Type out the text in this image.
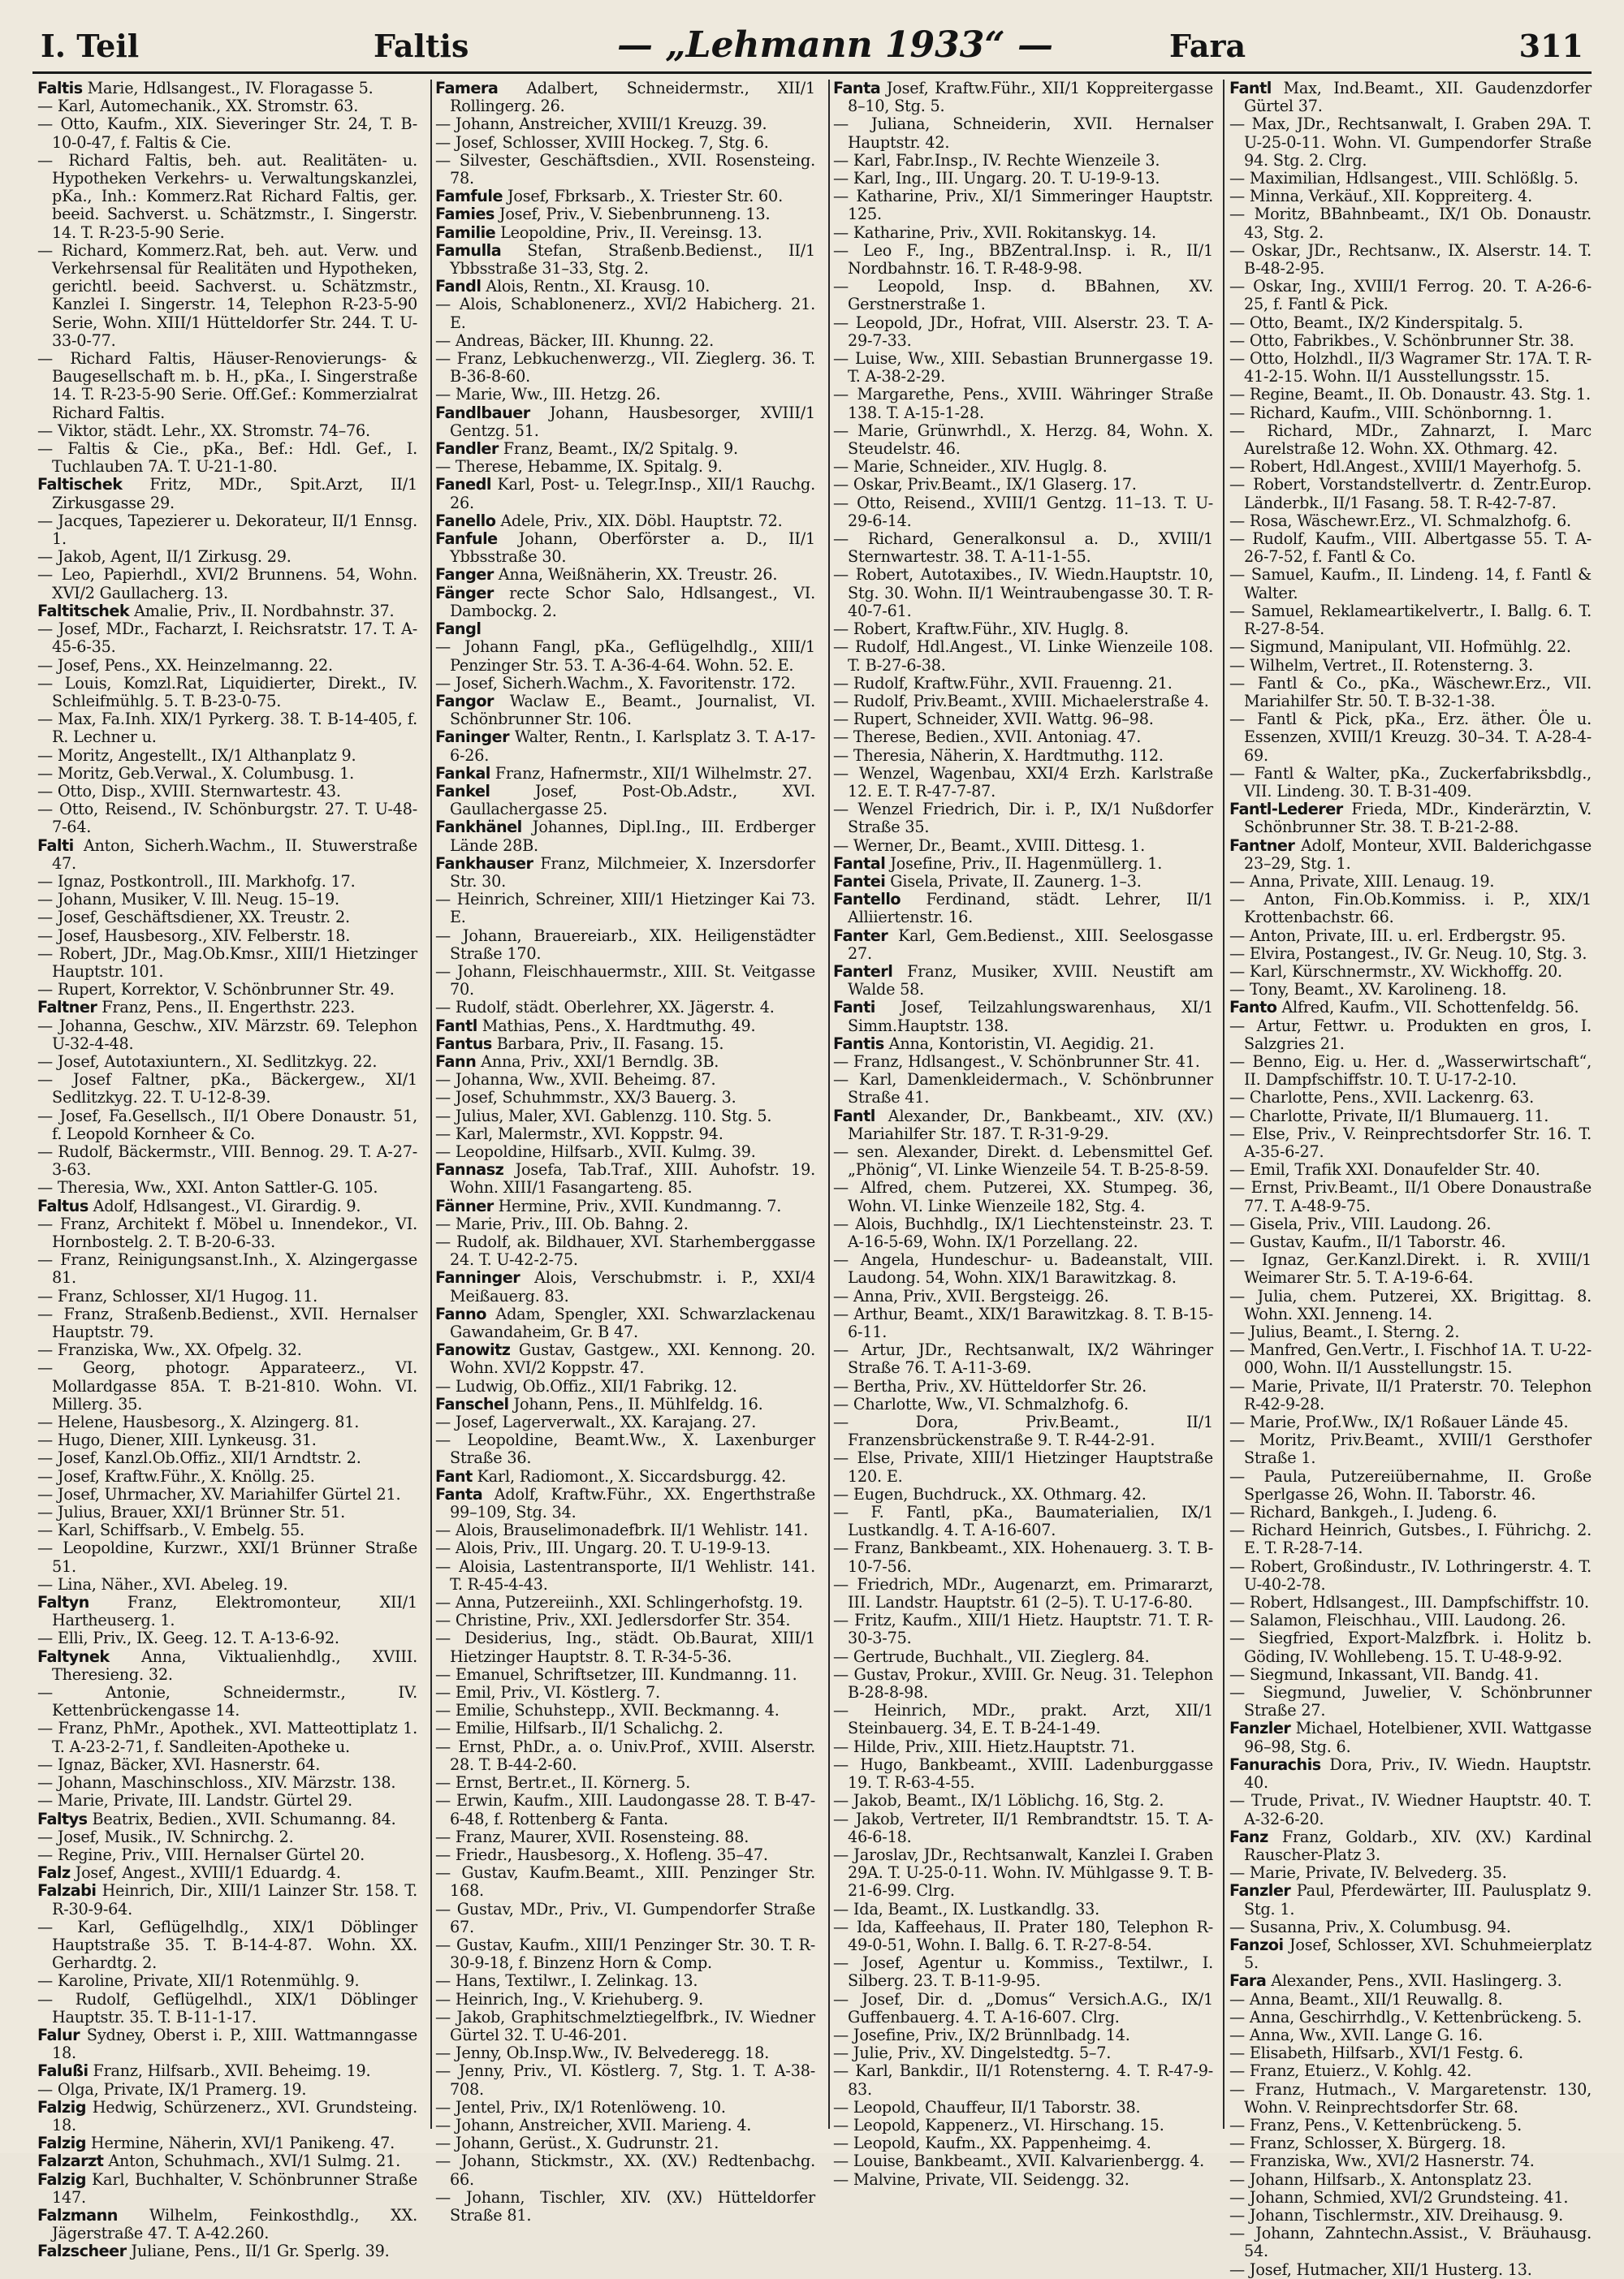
I. Teil	Faltis	— „Lehmann 1933“ —	Fara	311

Faltis Marie, Hdlsangest., IV. Floragasse 5.

— Karl, Automechanik., XX. Stromstr. 63.

— Otto, Kaufm., XIX. Sieveringer Str. 24, T. B-10-0-47, f. Faltis & Cie.

— Richard Faltis, beh. aut. Realitäten- u. Hypotheken Verkehrs- u. Verwaltungskanzlei, pKa., Inh.: Kommerz.Rat Richard Faltis, ger. beeid. Sachverst. u. Schätzmstr., I. Singerstr. 14. T. R-23-5-90 Serie.

— Richard, Kommerz.Rat, beh. aut. Verw. und Verkehrsensal für Realitäten und Hypotheken, gerichtl. beeid. Sachverst. u. Schätzmstr., Kanzlei I. Singerstr. 14, Telephon R-23-5-90 Serie, Wohn. XIII/1 Hütteldorfer Str. 244. T. U-33-0-77.

— Richard Faltis, Häuser-Renovierungs- & Baugesellschaft m. b. H., pKa., I. Singerstraße 14. T. R-23-5-90 Serie. Off.Gef.: Kommerzialrat Richard Faltis.

— Viktor, städt. Lehr., XX. Stromstr. 74–76.

— Faltis & Cie., pKa., Bef.: Hdl. Gef., I. Tuchlauben 7A. T. U-21-1-80.

Faltischek Fritz, MDr., Spit.Arzt, II/1 Zirkusgasse 29.

— Jacques, Tapezierer u. Dekorateur, II/1 Ennsg. 1.

— Jakob, Agent, II/1 Zirkusg. 29.

— Leo, Papierhdl., XVI/2 Brunnens. 54, Wohn. XVI/2 Gaullacherg. 13.

Faltitschek Amalie, Priv., II. Nordbahnstr. 37.

— Josef, MDr., Facharzt, I. Reichsratstr. 17. T. A-45-6-35.

— Josef, Pens., XX. Heinzelmanng. 22.

— Louis, Komzl.Rat, Liquidierter, Direkt., IV. Schleifmühlg. 5. T. B-23-0-75.

— Max, Fa.Inh. XIX/1 Pyrkerg. 38. T. B-14-405, f. R. Lechner u.

— Moritz, Angestellt., IX/1 Althanplatz 9.

— Moritz, Geb.Verwal., X. Columbusg. 1.

— Otto, Disp., XVIII. Sternwartestr. 43.

— Otto, Reisend., IV. Schönburgstr. 27. T. U-48-7-64.

Falti Anton, Sicherh.Wachm., II. Stuwerstraße 47.

— Ignaz, Postkontroll., III. Markhofg. 17.

— Johann, Musiker, V. Ill. Neug. 15–19.

— Josef, Geschäftsdiener, XX. Treustr. 2.

— Josef, Hausbesorg., XIV. Felberstr. 18.

— Robert, JDr., Mag.Ob.Kmsr., XIII/1 Hietzinger Hauptstr. 101.

— Rupert, Korrektor, V. Schönbrunner Str. 49.

Faltner Franz, Pens., II. Engerthstr. 223.

— Johanna, Geschw., XIV. Märzstr. 69. Telephon U-32-4-48.

— Josef, Autotaxiuntern., XI. Sedlitzkyg. 22.

— Josef Faltner, pKa., Bäckergew., XI/1 Sedlitzkyg. 22. T. U-12-8-39.

— Josef, Fa.Gesellsch., II/1 Obere Donaustr. 51, f. Leopold Kornheer & Co.

— Rudolf, Bäckermstr., VIII. Bennog. 29. T. A-27-3-63.

— Theresia, Ww., XXI. Anton Sattler-G. 105.

Faltus Adolf, Hdlsangest., VI. Girardig. 9.

— Franz, Architekt f. Möbel u. Innendekor., VI. Hornbostelg. 2. T. B-20-6-33.

— Franz, Reinigungsanst.Inh., X. Alzingergasse 81.

— Franz, Schlosser, XI/1 Hugog. 11.

— Franz, Straßenb.Bedienst., XVII. Hernalser Hauptstr. 79.

— Franziska, Ww., XX. Ofpelg. 32.

— Georg, photogr. Apparateerz., VI. Mollardgasse 85A. T. B-21-810. Wohn. VI. Millerg. 35.

— Helene, Hausbesorg., X. Alzingerg. 81.

— Hugo, Diener, XIII. Lynkeusg. 31.

— Josef, Kanzl.Ob.Offiz., XII/1 Arndtstr. 2.

— Josef, Kraftw.Führ., X. Knöllg. 25.

— Josef, Uhrmacher, XV. Mariahilfer Gürtel 21.

— Julius, Brauer, XXI/1 Brünner Str. 51.

— Karl, Schiffsarb., V. Embelg. 55.

— Leopoldine, Kurzwr., XXI/1 Brünner Straße 51.

— Lina, Näher., XVI. Abeleg. 19.

Faltyn Franz, Elektromonteur, XII/1 Hartheuserg. 1.

— Elli, Priv., IX. Geeg. 12. T. A-13-6-92.

Faltynek Anna, Viktualienhdlg., XVIII. Theresieng. 32.

— Antonie, Schneidermstr., IV. Kettenbrückengasse 14.

— Franz, PhMr., Apothek., XVI. Matteottiplatz 1. T. A-23-2-71, f. Sandleiten-Apotheke u.

— Ignaz, Bäcker, XVI. Hasnerstr. 64.

— Johann, Maschinschloss., XIV. Märzstr. 138.

— Marie, Private, III. Landstr. Gürtel 29.

Faltys Beatrix, Bedien., XVII. Schumanng. 84.

— Josef, Musik., IV. Schnirchg. 2.

— Regine, Priv., VIII. Hernalser Gürtel 20.

Falz Josef, Angest., XVIII/1 Eduardg. 4.

Falzabi Heinrich, Dir., XIII/1 Lainzer Str. 158. T. R-30-9-64.

— Karl, Geflügelhdlg., XIX/1 Döblinger Hauptstraße 35. T. B-14-4-87. Wohn. XX. Gerhardtg. 2.

— Karoline, Private, XII/1 Rotenmühlg. 9.

— Rudolf, Geflügelhdl., XIX/1 Döblinger Hauptstr. 35. T. B-11-1-17.

Falur Sydney, Oberst i. P., XIII. Wattmanngasse 18.

Falußi Franz, Hilfsarb., XVII. Beheimg. 19.

— Olga, Private, IX/1 Pramerg. 19.

Falzig Hedwig, Schürzenerz., XVI. Grundsteing. 18.

Falzig Hermine, Näherin, XVI/1 Panikeng. 47.

Falzarzt Anton, Schuhmach., XVI/1 Sulmg. 21.

Falzig Karl, Buchhalter, V. Schönbrunner Straße 147.

Falzmann Wilhelm, Feinkosthdlg., XX. Jägerstraße 47. T. A-42.260.

Falzscheer Juliane, Pens., II/1 Gr. Sperlg. 39.

Famera Adalbert, Schneidermstr., XII/1 Rollingerg. 26.

— Johann, Anstreicher, XVIII/1 Kreuzg. 39.

— Josef, Schlosser, XVIII Hockeg. 7, Stg. 6.

— Silvester, Geschäftsdien., XVII. Rosensteing. 78.

Famfule Josef, Fbrksarb., X. Triester Str. 60.

Famies Josef, Priv., V. Siebenbrunneng. 13.

Familie Leopoldine, Priv., II. Vereinsg. 13.

Famulla Stefan, Straßenb.Bedienst., II/1 Ybbsstraße 31–33, Stg. 2.

Fandl Alois, Rentn., XI. Krausg. 10.

— Alois, Schablonenerz., XVI/2 Habicherg. 21. E.

— Andreas, Bäcker, III. Khunng. 22.

— Franz, Lebkuchenwerzg., VII. Zieglerg. 36. T. B-36-8-60.

— Marie, Ww., III. Hetzg. 26.

Fandlbauer Johann, Hausbesorger, XVIII/1 Gentzg. 51.

Fandler Franz, Beamt., IX/2 Spitalg. 9.

— Therese, Hebamme, IX. Spitalg. 9.

Fanedl Karl, Post- u. Telegr.Insp., XII/1 Rauchg. 26.

Fanello Adele, Priv., XIX. Döbl. Hauptstr. 72.

Fanfule Johann, Oberförster a. D., II/1 Ybbsstraße 30.

Fanger Anna, Weißnäherin, XX. Treustr. 26.

Fänger recte Schor Salo, Hdlsangest., VI. Dambockg. 2.

Fangl

— Johann Fangl, pKa., Geflügelhdlg., XIII/1 Penzinger Str. 53. T. A-36-4-64. Wohn. 52. E.

— Josef, Sicherh.Wachm., X. Favoritenstr. 172.

Fangor Waclaw E., Beamt., Journalist, VI. Schönbrunner Str. 106.

Faninger Walter, Rentn., I. Karlsplatz 3. T. A-17-6-26.

Fankal Franz, Hafnermstr., XII/1 Wilhelmstr. 27.

Fankel	Josef, Post-Ob.Adstr., XVI. Gaullachergasse 25.

Fankhänel Johannes, Dipl.Ing., III. Erdberger Lände 28B.

Fankhauser Franz, Milchmeier, X. Inzersdorfer Str. 30.

— Heinrich, Schreiner, XIII/1 Hietzinger Kai 73. E.

— Johann, Brauereiarb., XIX. Heiligenstädter Straße 170.

— Johann, Fleischhauermstr., XIII. St. Veitgasse 70.

— Rudolf, städt. Oberlehrer, XX. Jägerstr. 4.

Fantl Mathias, Pens., X. Hardtmuthg. 49.

Fantus Barbara, Priv., II. Fasang. 15.

Fann Anna, Priv., XXI/1 Berndlg. 3B.

— Johanna, Ww., XVII. Beheimg. 87.

— Josef, Schuhmmstr., XX/3 Bauerg. 3.

— Julius, Maler, XVI. Gablenzg. 110. Stg. 5.

— Karl, Malermstr., XVI. Koppstr. 94.

— Leopoldine, Hilfsarb., XVII. Kulmg. 39.

Fannasz Josefa, Tab.Traf., XIII. Auhofstr. 19. Wohn. XIII/1 Fasangarteng. 85.

Fänner Hermine, Priv., XVII. Kundmanng. 7.

— Marie, Priv., III. Ob. Bahng. 2.

— Rudolf, ak. Bildhauer, XVI. Starhemberggasse 24. T. U-42-2-75.

Fanninger Alois, Verschubmstr. i. P., XXI/4 Meißauerg. 83.

Fanno Adam, Spengler, XXI. Schwarzlackenau Gawandaheim, Gr. B 47.

Fanowitz Gustav, Gastgew., XXI. Kennong. 20. Wohn. XVI/2 Koppstr. 47.

— Ludwig, Ob.Offiz., XII/1 Fabrikg. 12.

Fanschel Johann, Pens., II. Mühlfeldg. 16.

— Josef, Lagerverwalt., XX. Karajang. 27.

— Leopoldine, Beamt.Ww., X. Laxenburger Straße 36.

Fant Karl, Radiomont., X. Siccardsburgg. 42.

Fanta Adolf, Kraftw.Führ., XX. Engerthstraße 99–109, Stg. 34.

— Alois, Brauselimonadefbrk. II/1 Wehlistr. 141.

— Alois, Priv., III. Ungarg. 20. T. U-19-9-13.

— Aloisia, Lastentransporte, II/1 Wehlistr. 141. T. R-45-4-43.

— Anna, Putzereiinh., XXI. Schlingerhofstg. 19.

— Christine, Priv., XXI. Jedlersdorfer Str. 354.

— Desiderius, Ing., städt. Ob.Baurat, XIII/1 Hietzinger Hauptstr. 8. T. R-34-5-36.

— Emanuel, Schriftsetzer, III. Kundmanng. 11.

— Emil, Priv., VI. Köstlerg. 7.

— Emilie, Schuhstepp., XVII. Beckmanng. 4.

— Emilie, Hilfsarb., II/1 Schalichg. 2.

— Ernst, PhDr., a. o. Univ.Prof., XVIII. Alserstr. 28. T. B-44-2-60.

— Ernst, Bertr.et., II. Körnerg. 5.

— Erwin, Kaufm., XIII. Laudongasse 28. T. B-47-6-48, f. Rottenberg & Fanta.

— Franz, Maurer, XVII. Rosensteing. 88.

— Friedr., Hausbesorg., X. Hofleng. 35–47.

— Gustav, Kaufm.Beamt., XIII. Penzinger Str. 168.

— Gustav, MDr., Priv., VI. Gumpendorfer Straße 67.

— Gustav, Kaufm., XIII/1 Penzinger Str. 30. T. R-30-9-18, f. Binzenz Horn & Comp.

— Hans, Textilwr., I. Zelinkag. 13.

— Heinrich, Ing., V. Kriehuberg. 9.

— Jakob, Graphitschmelztiegelfbrk., IV. Wiedner Gürtel 32. T. U-46-201.

— Jenny, Ob.Insp.Ww., IV. Belvederegg. 18.

— Jenny, Priv., VI. Köstlerg. 7, Stg. 1. T. A-38-708.

— Jentel, Priv., IX/1 Rotenlöweng. 10.

— Johann, Anstreicher, XVII. Marieng. 4.

— Johann, Gerüst., X. Gudrunstr. 21.

— Johann, Stickmstr., XX. (XV.) Redtenbachg. 66.

— Johann, Tischler, XIV. (XV.) Hütteldorfer Straße 81.

Fanta Josef, Kraftw.Führ., XII/1 Koppreitergasse 8–10, Stg. 5.

— Juliana, Schneiderin, XVII. Hernalser Hauptstr. 42.

— Karl, Fabr.Insp., IV. Rechte Wienzeile 3.

— Karl, Ing., III. Ungarg. 20. T. U-19-9-13.

— Katharine, Priv., XI/1 Simmeringer Hauptstr. 125.

— Katharine, Priv., XVII. Rokitanskyg. 14.

— Leo F., Ing., BBZentral.Insp. i. R., II/1 Nordbahnstr. 16. T. R-48-9-98.

— Leopold, Insp. d. BBahnen, XV. Gerstnerstraße 1.

— Leopold, JDr., Hofrat, VIII. Alserstr. 23. T. A-29-7-33.

— Luise, Ww., XIII. Sebastian Brunnergasse 19. T. A-38-2-29.

— Margarethe, Pens., XVIII. Währinger Straße 138. T. A-15-1-28.

— Marie, Grünwrhdl., X. Herzg. 84, Wohn. X. Steudelstr. 46.

— Marie, Schneider., XIV. Huglg. 8.

— Oskar, Priv.Beamt., IX/1 Glaserg. 17.

— Otto, Reisend., XVIII/1 Gentzg. 11–13. T. U-29-6-14.

— Richard, Generalkonsul a. D., XVIII/1 Sternwartestr. 38. T. A-11-1-55.

— Robert, Autotaxibes., IV. Wiedn.Hauptstr. 10, Stg. 30. Wohn. II/1 Weintraubengasse 30. T. R-40-7-61.

— Robert, Kraftw.Führ., XIV. Huglg. 8.

— Rudolf, Hdl.Angest., VI. Linke Wienzeile 108. T. B-27-6-38.

— Rudolf, Kraftw.Führ., XVII. Frauenng. 21.

— Rudolf, Priv.Beamt., XVIII. Michaelerstraße 4.

— Rupert, Schneider, XVII. Wattg. 96–98.

— Therese, Bedien., XVII. Antoniag. 47.

— Theresia, Näherin, X. Hardtmuthg. 112.

— Wenzel, Wagenbau, XXI/4 Erzh. Karlstraße 12. E. T. R-47-7-87.

— Wenzel Friedrich, Dir. i. P., IX/1 Nußdorfer Straße 35.

— Werner, Dr., Beamt., XVIII. Dittesg. 1.

Fantal Josefine, Priv., II. Hagenmüllerg. 1.

Fantei Gisela, Private, II. Zaunerg. 1–3.

Fantello Ferdinand, städt. Lehrer, II/1 Alliiertenstr. 16.

Fanter Karl, Gem.Bedienst., XIII. Seelosgasse 27.

Fanterl Franz, Musiker, XVIII. Neustift am Walde 58.

Fanti Josef, Teilzahlungswarenhaus, XI/1 Simm.Hauptstr. 138.

Fantis Anna, Kontoristin, VI. Aegidig. 21.

— Franz, Hdlsangest., V. Schönbrunner Str. 41.

— Karl, Damenkleidermach., V. Schönbrunner Straße 41.

Fantl Alexander, Dr., Bankbeamt., XIV. (XV.) Mariahilfer Str. 187. T. R-31-9-29.

— sen. Alexander, Direkt. d. Lebensmittel Gef. „Phönig“, VI. Linke Wienzeile 54. T. B-25-8-59.

— Alfred, chem. Putzerei, XX. Stumpeg. 36, Wohn. VI. Linke Wienzeile 182, Stg. 4.

— Alois, Buchhdlg., IX/1 Liechtensteinstr. 23. T. A-16-5-69, Wohn. IX/1 Porzellang. 22.

— Angela, Hundeschur- u. Badeanstalt, VIII. Laudong. 54, Wohn. XIX/1 Barawitzkag. 8.

— Anna, Priv., XVII. Bergsteigg. 26.

— Arthur, Beamt., XIX/1 Barawitzkag. 8. T. B-15-6-11.

— Artur, JDr., Rechtsanwalt, IX/2 Währinger Straße 76. T. A-11-3-69.

— Bertha, Priv., XV. Hütteldorfer Str. 26.

— Charlotte, Ww., VI. Schmalzhofg. 6.

— Dora, Priv.Beamt., II/1 Franzensbrückenstraße 9. T. R-44-2-91.

— Else, Private, XIII/1 Hietzinger Hauptstraße 120. E.

— Eugen, Buchdruck., XX. Othmarg. 42.

— F. Fantl, pKa., Baumaterialien, IX/1 Lustkandlg. 4. T. A-16-607.

— Franz, Bankbeamt., XIX. Hohenauerg. 3. T. B-10-7-56.

— Friedrich, MDr., Augenarzt, em. Primararzt, III. Landstr. Hauptstr. 61 (2–5). T. U-17-6-80.

— Fritz, Kaufm., XIII/1 Hietz. Hauptstr. 71. T. R-30-3-75.

— Gertrude, Buchhalt., VII. Zieglerg. 84.

— Gustav, Prokur., XVIII. Gr. Neug. 31. Telephon B-28-8-98.

— Heinrich, MDr., prakt. Arzt, XII/1 Steinbauerg. 34, E. T. B-24-1-49.

— Hilde, Priv., XIII. Hietz.Hauptstr. 71.

— Hugo, Bankbeamt., XVIII. Ladenburggasse 19. T. R-63-4-55.

— Jakob, Beamt., IX/1 Löblichg. 16, Stg. 2.

— Jakob, Vertreter, II/1 Rembrandtstr. 15. T. A-46-6-18.

— Jaroslav, JDr., Rechtsanwalt, Kanzlei I. Graben 29A. T. U-25-0-11. Wohn. IV. Mühlgasse 9. T. B-21-6-99. Clrg.

— Ida, Beamt., IX. Lustkandlg. 33.

— Ida, Kaffeehaus, II. Prater 180, Telephon R-49-0-51, Wohn. I. Ballg. 6. T. R-27-8-54.

— Josef, Agentur u. Kommiss., Textilwr., I. Silberg. 23. T. B-11-9-95.

— Josef, Dir. d. „Domus“ Versich.A.G., IX/1 Guffenbauerg. 4. T. A-16-607. Clrg.

— Josefine, Priv., IX/2 Brünnlbadg. 14.

— Julie, Priv., XV. Dingelstedtg. 5–7.

— Karl, Bankdir., II/1 Rotensterng. 4. T. R-47-9-83.

— Leopold, Chauffeur, II/1 Taborstr. 38.

— Leopold, Kappenerz., VI. Hirschang. 15.

— Leopold, Kaufm., XX. Pappenheimg. 4.

— Louise, Bankbeamt., XVII. Kalvarienbergg. 4.

— Malvine, Private, VII. Seidengg. 32.

Fantl Max, Ind.Beamt., XII. Gaudenzdorfer Gürtel 37.

— Max, JDr., Rechtsanwalt, I. Graben 29A. T. U-25-0-11. Wohn. VI. Gumpendorfer Straße 94. Stg. 2. Clrg.

— Maximilian, Hdlsangest., VIII. Schlößlg. 5.

— Minna, Verkäuf., XII. Koppreiterg. 4.

— Moritz, BBahnbeamt., IX/1 Ob. Donaustr. 43, Stg. 2.

— Oskar, JDr., Rechtsanw., IX. Alserstr. 14. T. B-48-2-95.

— Oskar, Ing., XVIII/1 Ferrog. 20. T. A-26-6-25, f. Fantl & Pick.

— Otto, Beamt., IX/2 Kinderspitalg. 5.

— Otto, Fabrikbes., V. Schönbrunner Str. 38.

— Otto, Holzhdl., II/3 Wagramer Str. 17A. T. R-41-2-15. Wohn. II/1 Ausstellungsstr. 15.

— Regine, Beamt., II. Ob. Donaustr. 43. Stg. 1.

— Richard, Kaufm., VIII. Schönbornng. 1.

— Richard, MDr., Zahnarzt, I. Marc Aurelstraße 12. Wohn. XX. Othmarg. 42.

— Robert, Hdl.Angest., XVIII/1 Mayerhofg. 5.

— Robert, Vorstandstellvertr. d. Zentr.Europ. Länderbk., II/1 Fasang. 58. T. R-42-7-87.

— Rosa, Wäschewr.Erz., VI. Schmalzhofg. 6.

— Rudolf, Kaufm., VIII. Albertgasse 55. T. A-26-7-52, f. Fantl & Co.

— Samuel, Kaufm., II. Lindeng. 14, f. Fantl & Walter.

— Samuel, Reklameartikelvertr., I. Ballg. 6. T. R-27-8-54.

— Sigmund, Manipulant, VII. Hofmühlg. 22.

— Wilhelm, Vertret., II. Rotensterng. 3.

— Fantl & Co., pKa., Wäschewr.Erz., VII. Mariahilfer Str. 50. T. B-32-1-38.

— Fantl & Pick, pKa., Erz. äther. Öle u. Essenzen, XVIII/1 Kreuzg. 30–34. T. A-28-4-69.

— Fantl & Walter, pKa., Zuckerfabriksbdlg., VII. Lindeng. 30. T. B-31-409.

Fantl-Lederer Frieda, MDr., Kinderärztin, V. Schönbrunner Str. 38. T. B-21-2-88.

Fantner Adolf, Monteur, XVII. Balderichgasse 23–29, Stg. 1.

— Anna, Private, XIII. Lenaug. 19.

— Anton, Fin.Ob.Kommiss. i. P., XIX/1 Krottenbachstr. 66.

— Anton, Private, III. u. erl. Erdbergstr. 95.

— Elvira, Postangest., IV. Gr. Neug. 10, Stg. 3.

— Karl, Kürschnermstr., XV. Wickhoffg. 20.

— Tony, Beamt., XV. Karolineng. 18.

Fanto Alfred, Kaufm., VII. Schottenfeldg. 56.

— Artur, Fettwr. u. Produkten en gros, I. Salzgries 21.

— Benno, Eig. u. Her. d. „Wasserwirtschaft“, II. Dampfschiffstr. 10. T. U-17-2-10.

— Charlotte, Pens., XVII. Lackenrg. 63.

— Charlotte, Private, II/1 Blumauerg. 11.

— Else, Priv., V. Reinprechtsdorfer Str. 16. T. A-35-6-27.

— Emil, Trafik XXI. Donaufelder Str. 40.

— Ernst, Priv.Beamt., II/1 Obere Donaustraße 77. T. A-48-9-75.

— Gisela, Priv., VIII. Laudong. 26.

— Gustav, Kaufm., II/1 Taborstr. 46.

— Ignaz, Ger.Kanzl.Direkt. i. R. XVIII/1 Weimarer Str. 5. T. A-19-6-64.

— Julia, chem. Putzerei, XX. Brigittag. 8. Wohn. XXI. Jenneng. 14.

— Julius, Beamt., I. Sterng. 2.

— Manfred, Gen.Vertr., I. Fischhof 1A. T. U-22-000, Wohn. II/1 Ausstellungstr. 15.

— Marie, Private, II/1 Praterstr. 70. Telephon R-42-9-28.

— Marie, Prof.Ww., IX/1 Roßauer Lände 45.

— Moritz, Priv.Beamt., XVIII/1 Gersthofer Straße 1.

— Paula, Putzereiübernahme, II. Große Sperlgasse 26, Wohn. II. Taborstr. 46.

— Richard, Bankgeh., I. Judeng. 6.

— Richard Heinrich, Gutsbes., I. Führichg. 2. E. T. R-28-7-14.

— Robert, Großindustr., IV. Lothringerstr. 4. T. U-40-2-78.

— Robert, Hdlsangest., III. Dampfschiffstr. 10.

— Salamon, Fleischhau., VIII. Laudong. 26.

— Siegfried, Export-Malzfbrk. i. Holitz b. Göding, IV. Wohllebeng. 15. T. U-48-9-92.

— Siegmund, Inkassant, VII. Bandg. 41.

— Siegmund, Juwelier, V. Schönbrunner Straße 27.

Fanzler Michael, Hotelbiener, XVII. Wattgasse 96–98, Stg. 6.

Fanurachis Dora, Priv., IV. Wiedn. Hauptstr. 40.

— Trude, Privat., IV. Wiedner Hauptstr. 40. T. A-32-6-20.

Fanz Franz, Goldarb., XIV. (XV.) Kardinal Rauscher-Platz 3.

— Marie, Private, IV. Belvederg. 35.

Fanzler Paul, Pferdewärter, III. Paulusplatz 9. Stg. 1.

— Susanna, Priv., X. Columbusg. 94.

Fanzoi Josef, Schlosser, XVI. Schuhmeierplatz 5.

Fara Alexander, Pens., XVII. Haslingerg. 3.

— Anna, Beamt., XII/1 Reuwallg. 8.

— Anna, Geschirrhdlg., V. Kettenbrückeng. 5.

— Anna, Ww., XVII. Lange G. 16.

— Elisabeth, Hilfsarb., XVI/1 Festg. 6.

— Franz, Etuierz., V. Kohlg. 42.

— Franz, Hutmach., V. Margaretenstr. 130, Wohn. V. Reinprechtsdorfer Str. 68.

— Franz, Pens., V. Kettenbrückeng. 5.

— Franz, Schlosser, X. Bürgerg. 18.

— Franziska, Ww., XVI/2 Hasnerstr. 74.

— Johann, Hilfsarb., X. Antonsplatz 23.

— Johann, Schmied, XVI/2 Grundsteing. 41.

— Johann, Tischlermstr., XIV. Dreihausg. 9.

— Johann, Zahntechn.Assist., V. Bräuhausg. 54.

— Josef, Hutmacher, XII/1 Husterg. 13.
